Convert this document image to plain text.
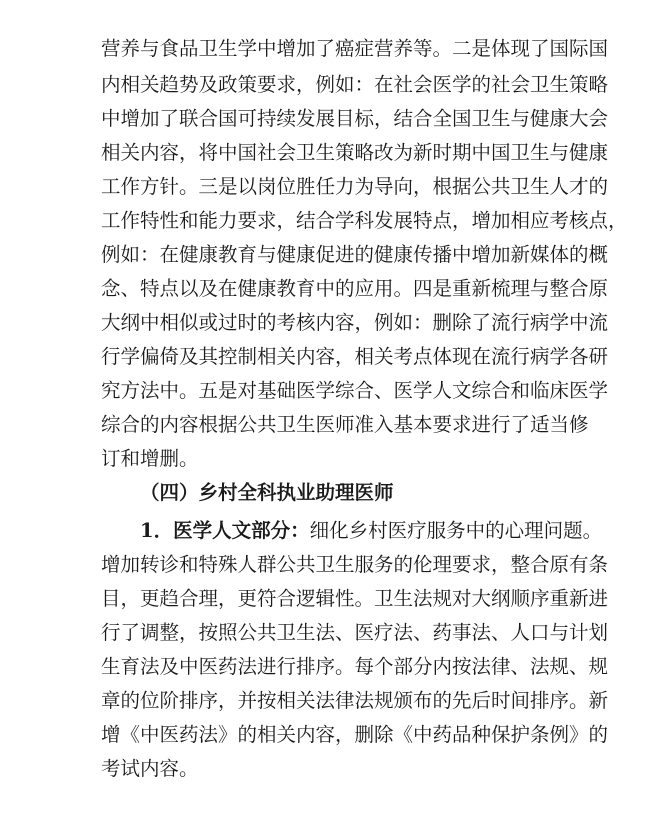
营养与食品卫生学中增加了癌症营养等。二是体现了国际国
内相关趋势及政策要求，例如：在社会医学的社会卫生策略
中增加了联合国可持续发展目标，结合全国卫生与健康大会
相关内容，将中国社会卫生策略改为新时期中国卫生与健康
工作方针。三是以岗位胜任力为导向，根据公共卫生人才的
工作特性和能力要求，结合学科发展特点，增加相应考核点，
例如：在健康教育与健康促进的健康传播中增加新媒体的概
念、特点以及在健康教育中的应用。四是重新梳理与整合原
大纲中相似或过时的考核内容，例如：删除了流行病学中流
行学偏倚及其控制相关内容，相关考点体现在流行病学各研
究方法中。五是对基础医学综合、医学人文综合和临床医学
综合的内容根据公共卫生医师准入基本要求进行了适当修
订和增删。
（四）乡村全科执业助理医师
1．医学人文部分：细化乡村医疗服务中的心理问题。
增加转诊和特殊人群公共卫生服务的伦理要求，整合原有条
目，更趋合理，更符合逻辑性。卫生法规对大纲顺序重新进
行了调整，按照公共卫生法、医疗法、药事法、人口与计划
生育法及中医药法进行排序。每个部分内按法律、法规、规
章的位阶排序，并按相关法律法规颁布的先后时间排序。新
增《中医药法》的相关内容，删除《中药品种保护条例》的
考试内容。
